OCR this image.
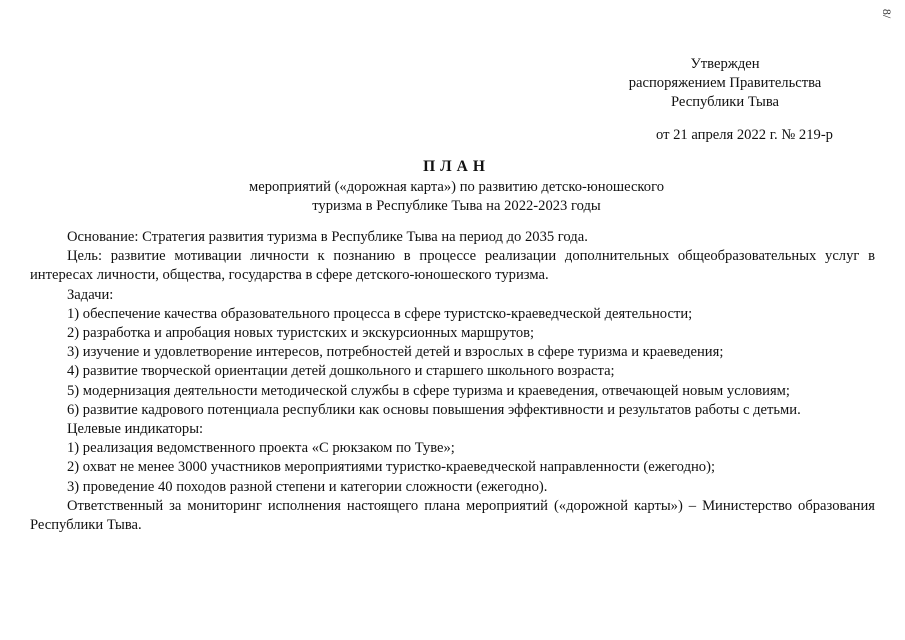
8/
Утвержден
распоряжением Правительства
Республики Тыва
от 21 апреля 2022 г. № 219-р
ПЛАН
мероприятий («дорожная карта») по развитию детско-юношеского
туризма в Республике Тыва на 2022-2023 годы

Основание: Стратегия развития туризма в Республике Тыва на период до 2035 года.

Цель: развитие мотивации личности к познанию в процессе реализации дополнительных общеобразовательных услуг в интересах личности, общества, государства в сфере детского-юношеского туризма.

Задачи:

1) обеспечение качества образовательного процесса в сфере туристско-краеведческой деятельности;

2) разработка и апробация новых туристских и экскурсионных маршрутов;

3) изучение и удовлетворение интересов, потребностей детей и взрослых в сфере туризма и краеведения;

4) развитие творческой ориентации детей дошкольного и старшего школьного возраста;

5) модернизация деятельности методической службы в сфере туризма и краеведения, отвечающей новым условиям;

6) развитие кадрового потенциала республики как основы повышения эффективности и результатов работы с детьми.

Целевые индикаторы:

1) реализация ведомственного проекта «С рюкзаком по Туве»;

2) охват не менее 3000 участников мероприятиями туристко-краеведческой направленности (ежегодно);

3) проведение 40 походов разной степени и категории сложности (ежегодно).

Ответственный за мониторинг исполнения настоящего плана мероприятий («дорожной карты») – Министерство образования Республики Тыва.
